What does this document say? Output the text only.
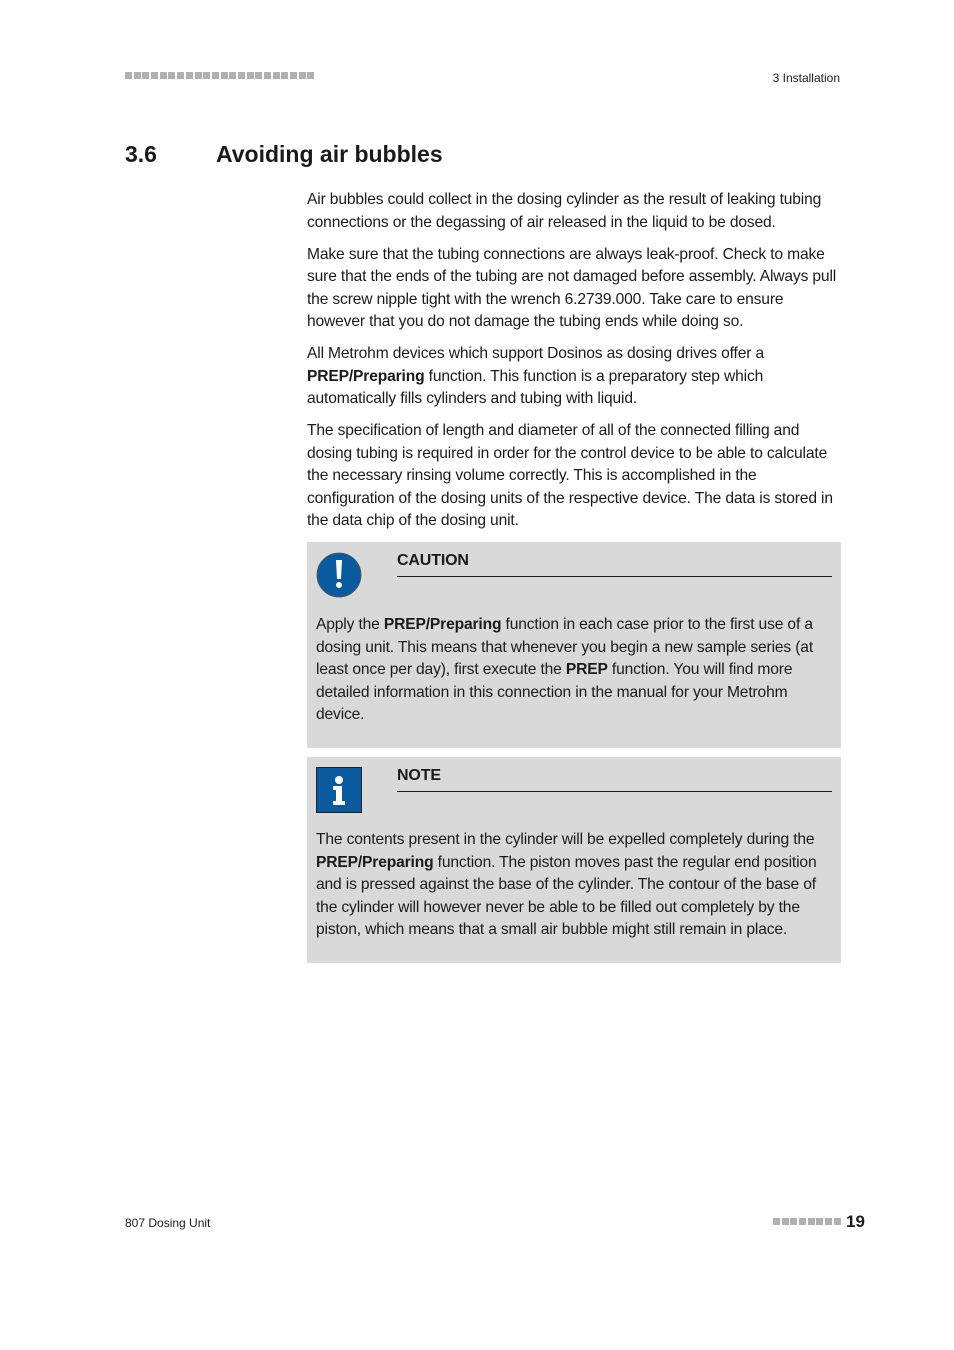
3 Installation
3.6	Avoiding air bubbles

Air bubbles could collect in the dosing cylinder as the result of leaking tubing connections or the degassing of air released in the liquid to be dosed.

Make sure that the tubing connections are always leak-proof. Check to make sure that the ends of the tubing are not damaged before assembly. Always pull the screw nipple tight with the wrench 6.2739.000. Take care to ensure however that you do not damage the tubing ends while doing so.

All Metrohm devices which support Dosinos as dosing drives offer a PREP/Preparing function. This function is a preparatory step which automatically fills cylinders and tubing with liquid.

The specification of length and diameter of all of the connected filling and dosing tubing is required in order for the control device to be able to calculate the necessary rinsing volume correctly. This is accomplished in the configuration of the dosing units of the respective device. The data is stored in the data chip of the dosing unit.

CAUTION

Apply the PREP/Preparing function in each case prior to the first use of a dosing unit. This means that whenever you begin a new sample series (at least once per day), first execute the PREP function. You will find more detailed information in this connection in the manual for your Metrohm device.

NOTE

The contents present in the cylinder will be expelled completely during the PREP/Preparing function. The piston moves past the regular end position and is pressed against the base of the cylinder. The contour of the base of the cylinder will however never be able to be filled out completely by the piston, which means that a small air bubble might still remain in place.

807 Dosing Unit	19
